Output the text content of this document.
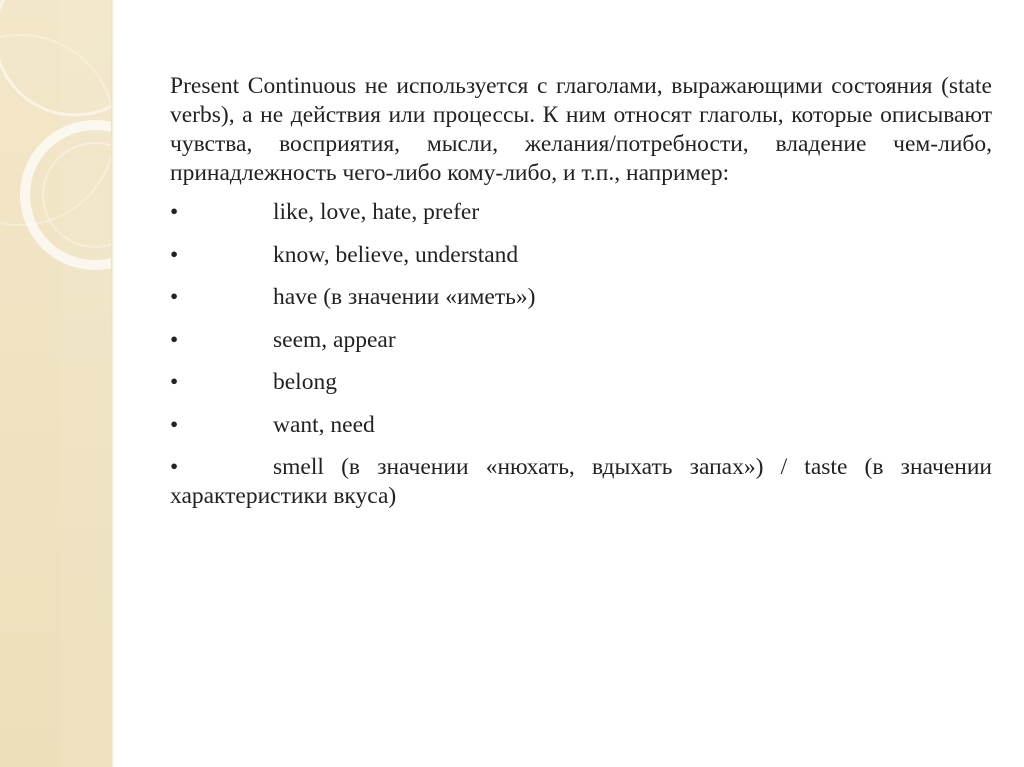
Present Continuous не используется с глаголами, выражающими состояния (state verbs), а не действия или процессы. К ним относят глаголы, которые описывают чувства, восприятия, мысли, желания/потребности, владение чем-либо, принадлежность чего-либо кому-либо, и т.п., например:

•	like, love, hate, prefer
•	know, believe, understand
•	have (в значении «иметь»)
•	seem, appear
•	belong
•	want, need
•	smell (в значении «нюхать, вдыхать запах») / taste (в значении характеристики вкуса)
